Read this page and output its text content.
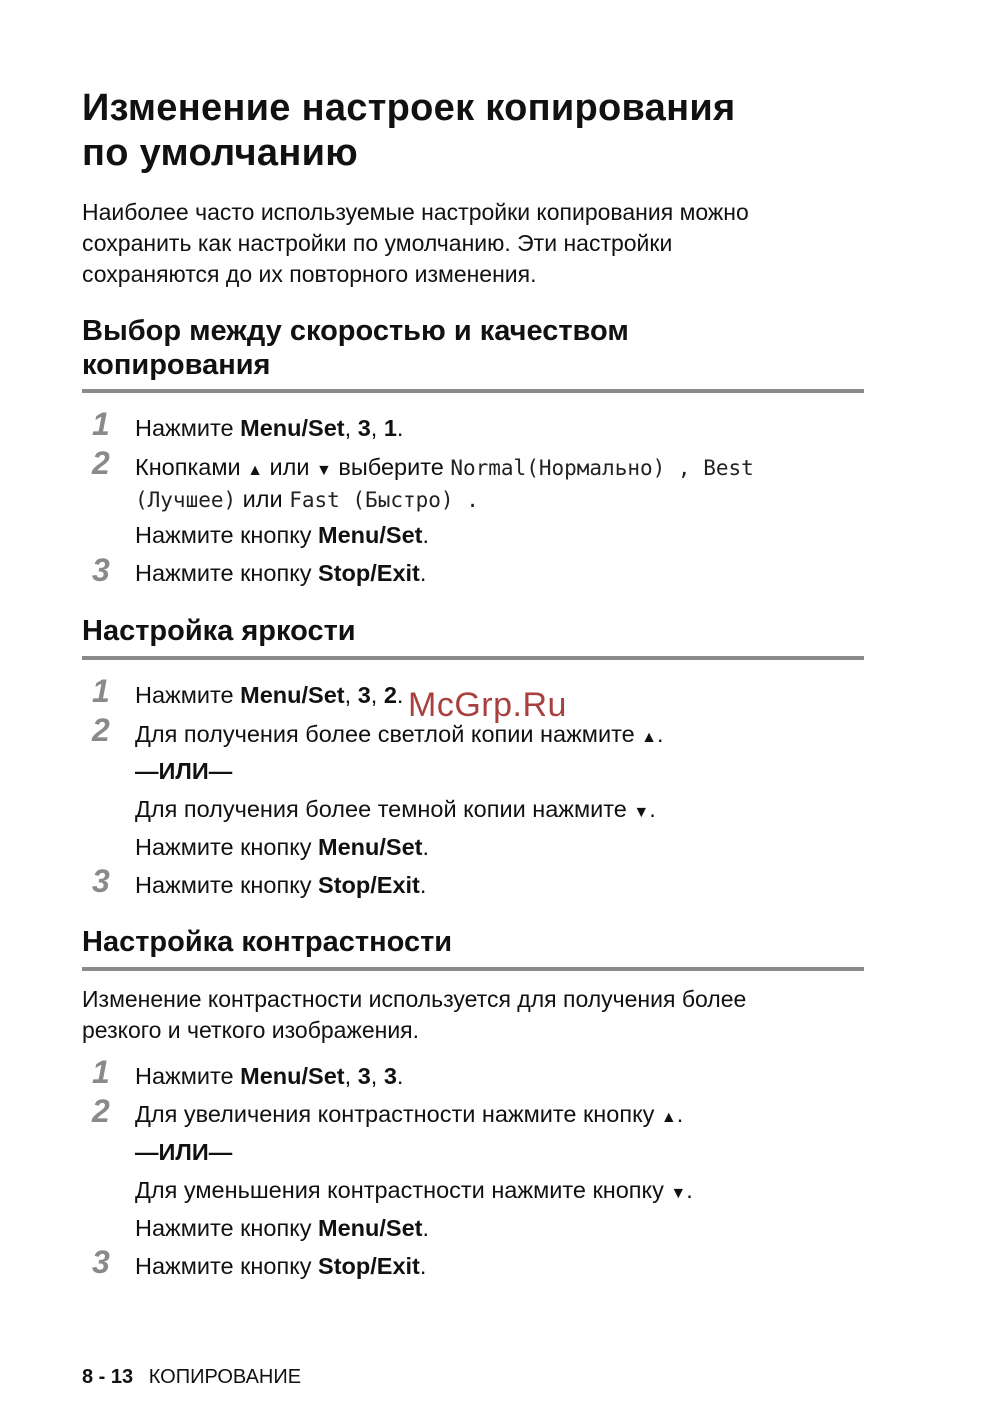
Изменение настроек копирования
по умолчанию

Наиболее часто используемые настройки копирования можно
сохранить как настройки по умолчанию. Эти настройки
сохраняются до их повторного изменения.

Выбор между скоростью и качеством
копирования
1	Нажмите Menu/Set, 3, 1.

2	Кнопками ▲ или ▼ выберите Normal(Нормально) , Best

(Лучшее) или Fast (Быстро) .

Нажмите кнопку Menu/Set.

3	Нажмите кнопку Stop/Exit.

Настройка яркости
1	Нажмите Menu/Set, 3, 2.

2	Для получения более светлой копии нажмите ▲.

—ИЛИ—

Для получения более темной копии нажмите ▼.

Нажмите кнопку Menu/Set.

3	Нажмите кнопку Stop/Exit.

Настройка контрастности

Изменение контрастности используется для получения более
резкого и четкого изображения.

1	Нажмите Menu/Set, 3, 3.

2	Для увеличения контрастности нажмите кнопку ▲.

—ИЛИ—

Для уменьшения контрастности нажмите кнопку ▼.

Нажмите кнопку Menu/Set.

3	Нажмите кнопку Stop/Exit.

McGrp.Ru
8 - 13 КОПИРОВАНИЕ
